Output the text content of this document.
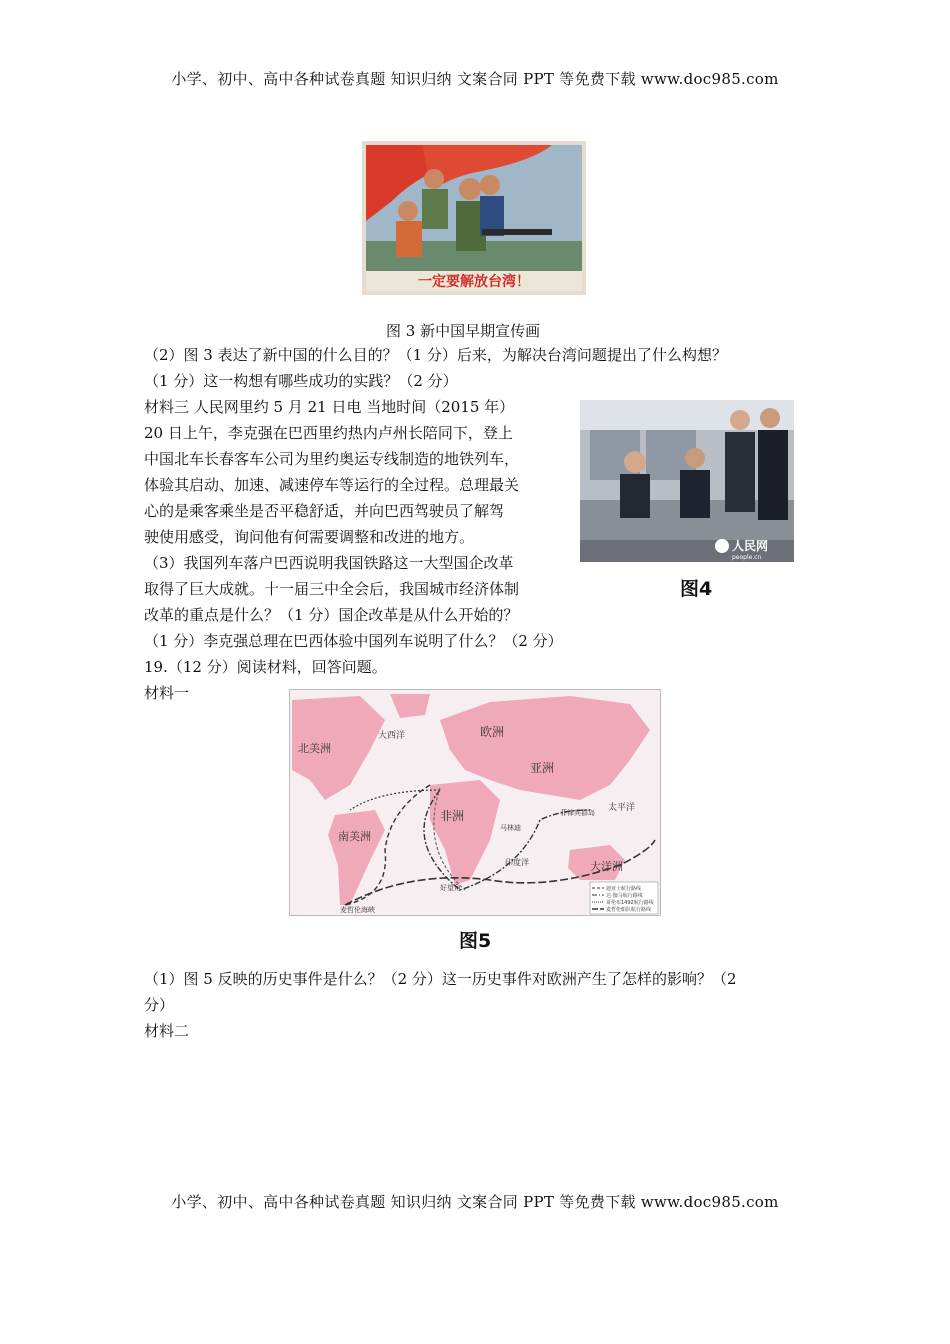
小学、初中、高中各种试卷真题 知识归纳 文案合同 PPT 等免费下载 www.doc985.com
一定要解放台湾！
图 3 新中国早期宣传画
（2）图 3 表达了新中国的什么目的？（1 分）后来，为解决台湾问题提出了什么构想？
（1 分）这一构想有哪些成功的实践？（2 分）
材料三 人民网里约 5 月 21 日电 当地时间（2015 年）
20 日上午，李克强在巴西里约热内卢州长陪同下，登上
中国北车长春客车公司为里约奥运专线制造的地铁列车，
体验其启动、加速、减速停车等运行的全过程。总理最关
心的是乘客乘坐是否平稳舒适，并向巴西驾驶员了解驾
驶使用感受，询问他有何需要调整和改进的地方。	人民网
people.cn
图4
（3）我国列车落户巴西说明我国铁路这一大型国企改革
取得了巨大成就。十一届三中全会后，我国城市经济体制
改革的重点是什么？（1 分）国企改革是从什么开始的？
（1 分）李克强总理在巴西体验中国列车说明了什么？（2 分）
19.（12 分）阅读材料，回答问题。
材料一
北美洲
大西洋	欧洲
亚洲
非洲
南美洲
太平洋
大洋洲
菲律宾群岛
马林迪
好望角
麦哲伦海峡
印度洋
迪亚士航行路线
达·伽马航行路线
哥伦布1492航行路线
麦哲伦船队航行路线
图5
（1）图 5 反映的历史事件是什么？（2 分）这一历史事件对欧洲产生了怎样的影响？（2
分）
材料二
小学、初中、高中各种试卷真题 知识归纳 文案合同 PPT 等免费下载 www.doc985.com
